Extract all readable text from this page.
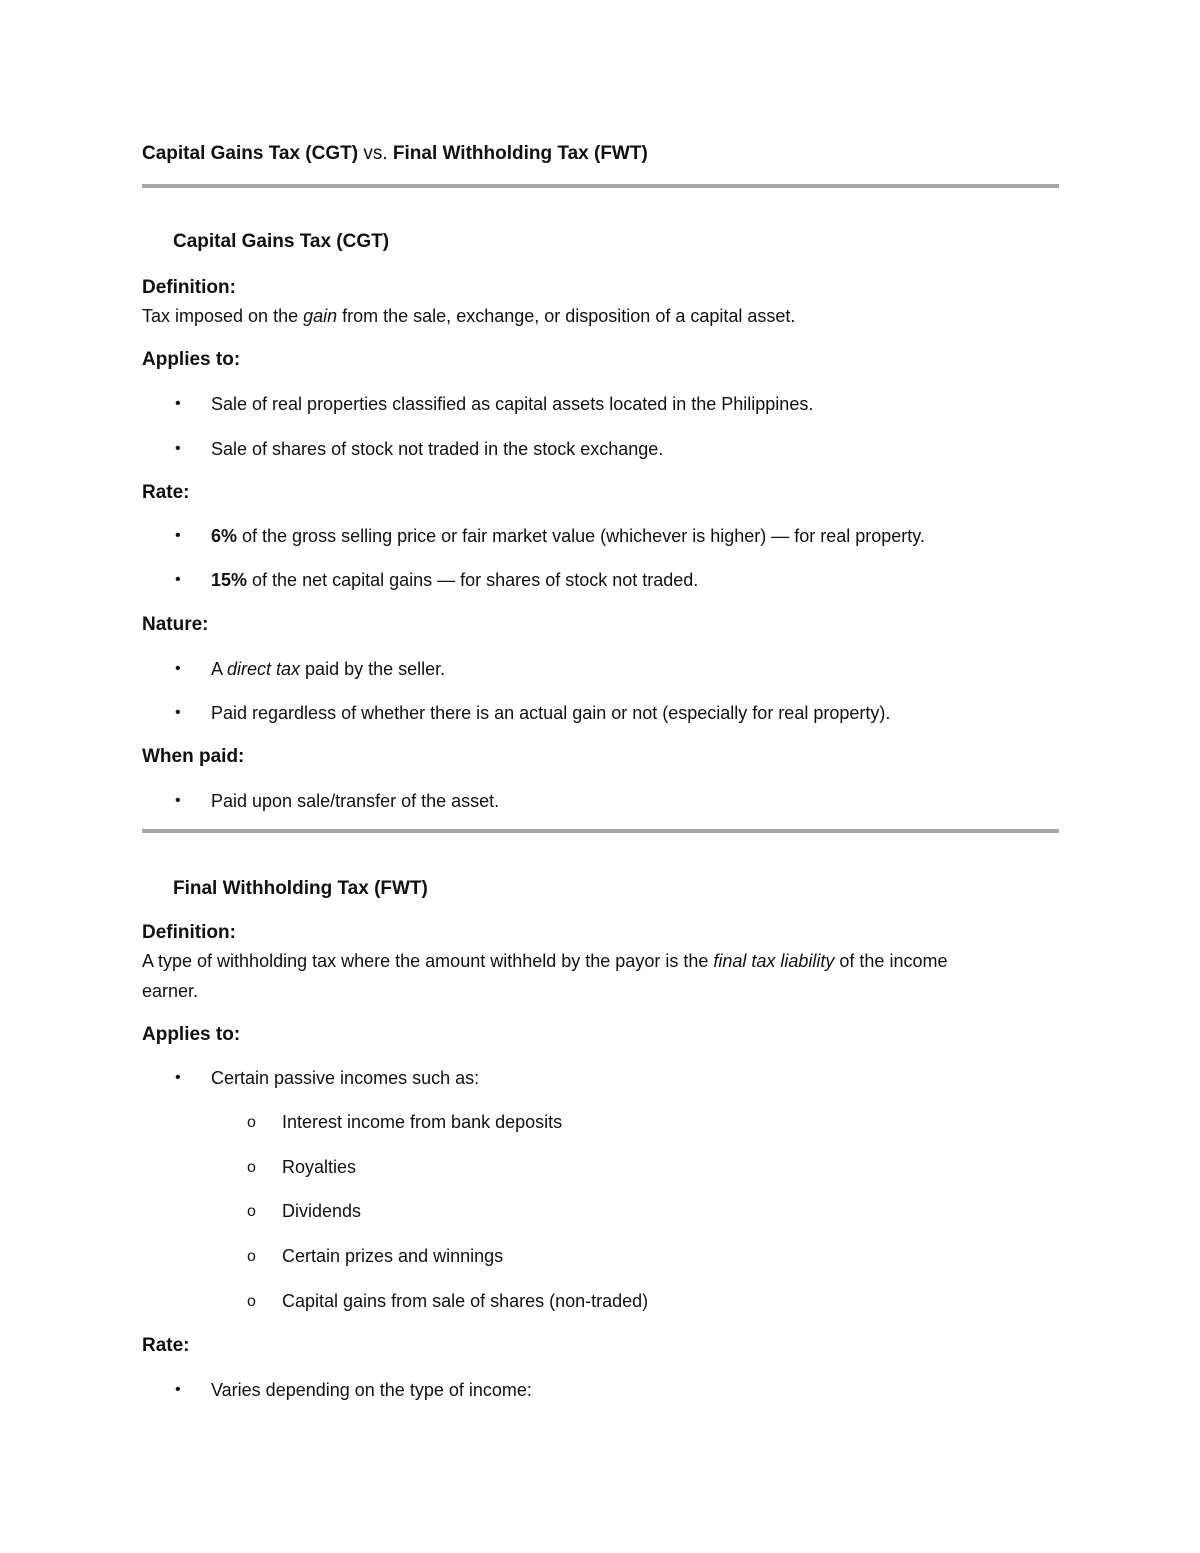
Capital Gains Tax (CGT) vs. Final Withholding Tax (FWT)
Capital Gains Tax (CGT)
Definition:
Tax imposed on the gain from the sale, exchange, or disposition of a capital asset.
Applies to:
• Sale of real properties classified as capital assets located in the Philippines.
• Sale of shares of stock not traded in the stock exchange.
Rate:
• 6% of the gross selling price or fair market value (whichever is higher) — for real property.
• 15% of the net capital gains — for shares of stock not traded.
Nature:
• A direct tax paid by the seller.
• Paid regardless of whether there is an actual gain or not (especially for real property).
When paid:
• Paid upon sale/transfer of the asset.
Final Withholding Tax (FWT)
Definition:
A type of withholding tax where the amount withheld by the payor is the final tax liability of the income
earner.
Applies to:
• Certain passive incomes such as:
o Interest income from bank deposits
o Royalties
o Dividends
o Certain prizes and winnings
o Capital gains from sale of shares (non-traded)
Rate:
• Varies depending on the type of income:
